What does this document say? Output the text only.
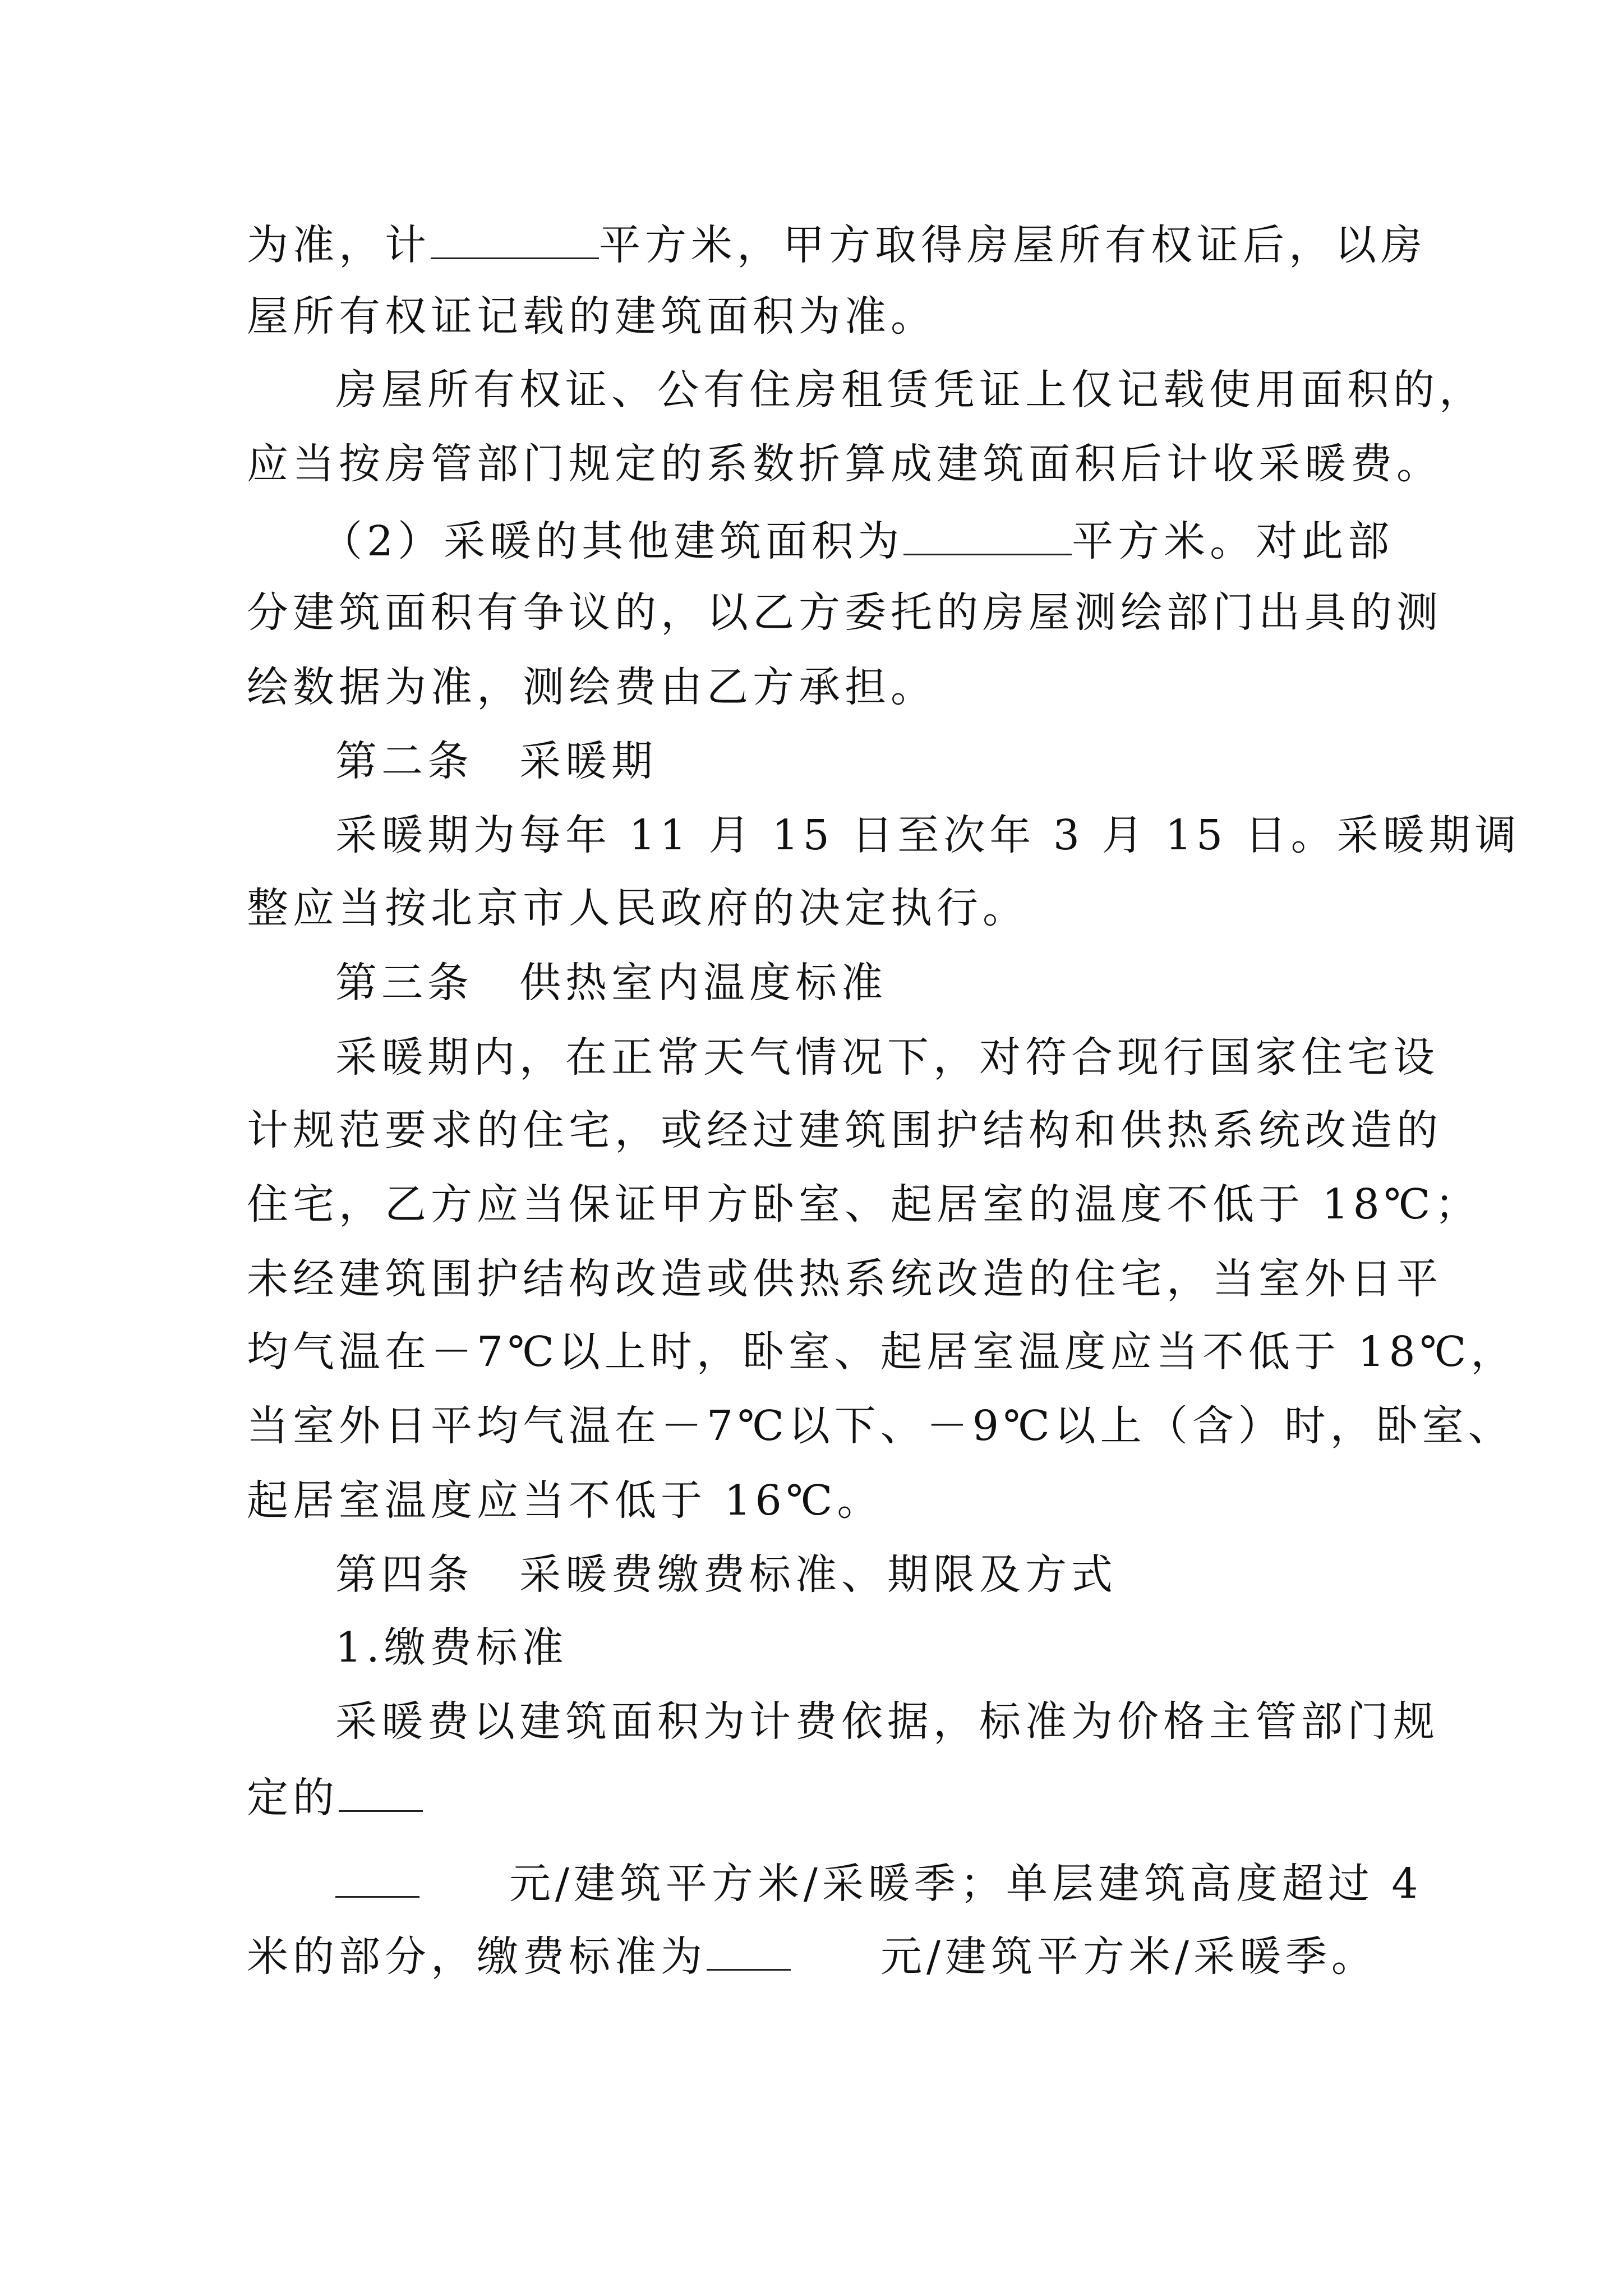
为准，计	平方米，甲方取得房屋所有权证后，以房
屋所有权证记载的建筑面积为准。
房屋所有权证、公有住房租赁凭证上仅记载使用面积的，
应当按房管部门规定的系数折算成建筑面积后计收采暖费。
（2）采暖的其他建筑面积为	平方米。对此部
分建筑面积有争议的，以乙方委托的房屋测绘部门出具的测
绘数据为准，测绘费由乙方承担。
第二条　采暖期
采暖期为每年 11 月 15 日至次年 3 月 15 日。采暖期调
整应当按北京市人民政府的决定执行。
第三条　供热室内温度标准
采暖期内，在正常天气情况下，对符合现行国家住宅设
计规范要求的住宅，或经过建筑围护结构和供热系统改造的
住宅，乙方应当保证甲方卧室、起居室的温度不低于 18℃；
未经建筑围护结构改造或供热系统改造的住宅，当室外日平
均气温在－7℃以上时，卧室、起居室温度应当不低于 18℃，
当室外日平均气温在－7℃以下、－9℃以上（含）时，卧室、
起居室温度应当不低于 16℃。
第四条　采暖费缴费标准、期限及方式
1.缴费标准
采暖费以建筑面积为计费依据，标准为价格主管部门规
定的
元/建筑平方米/采暖季；单层建筑高度超过 4
米的部分，缴费标准为	元/建筑平方米/采暖季。
